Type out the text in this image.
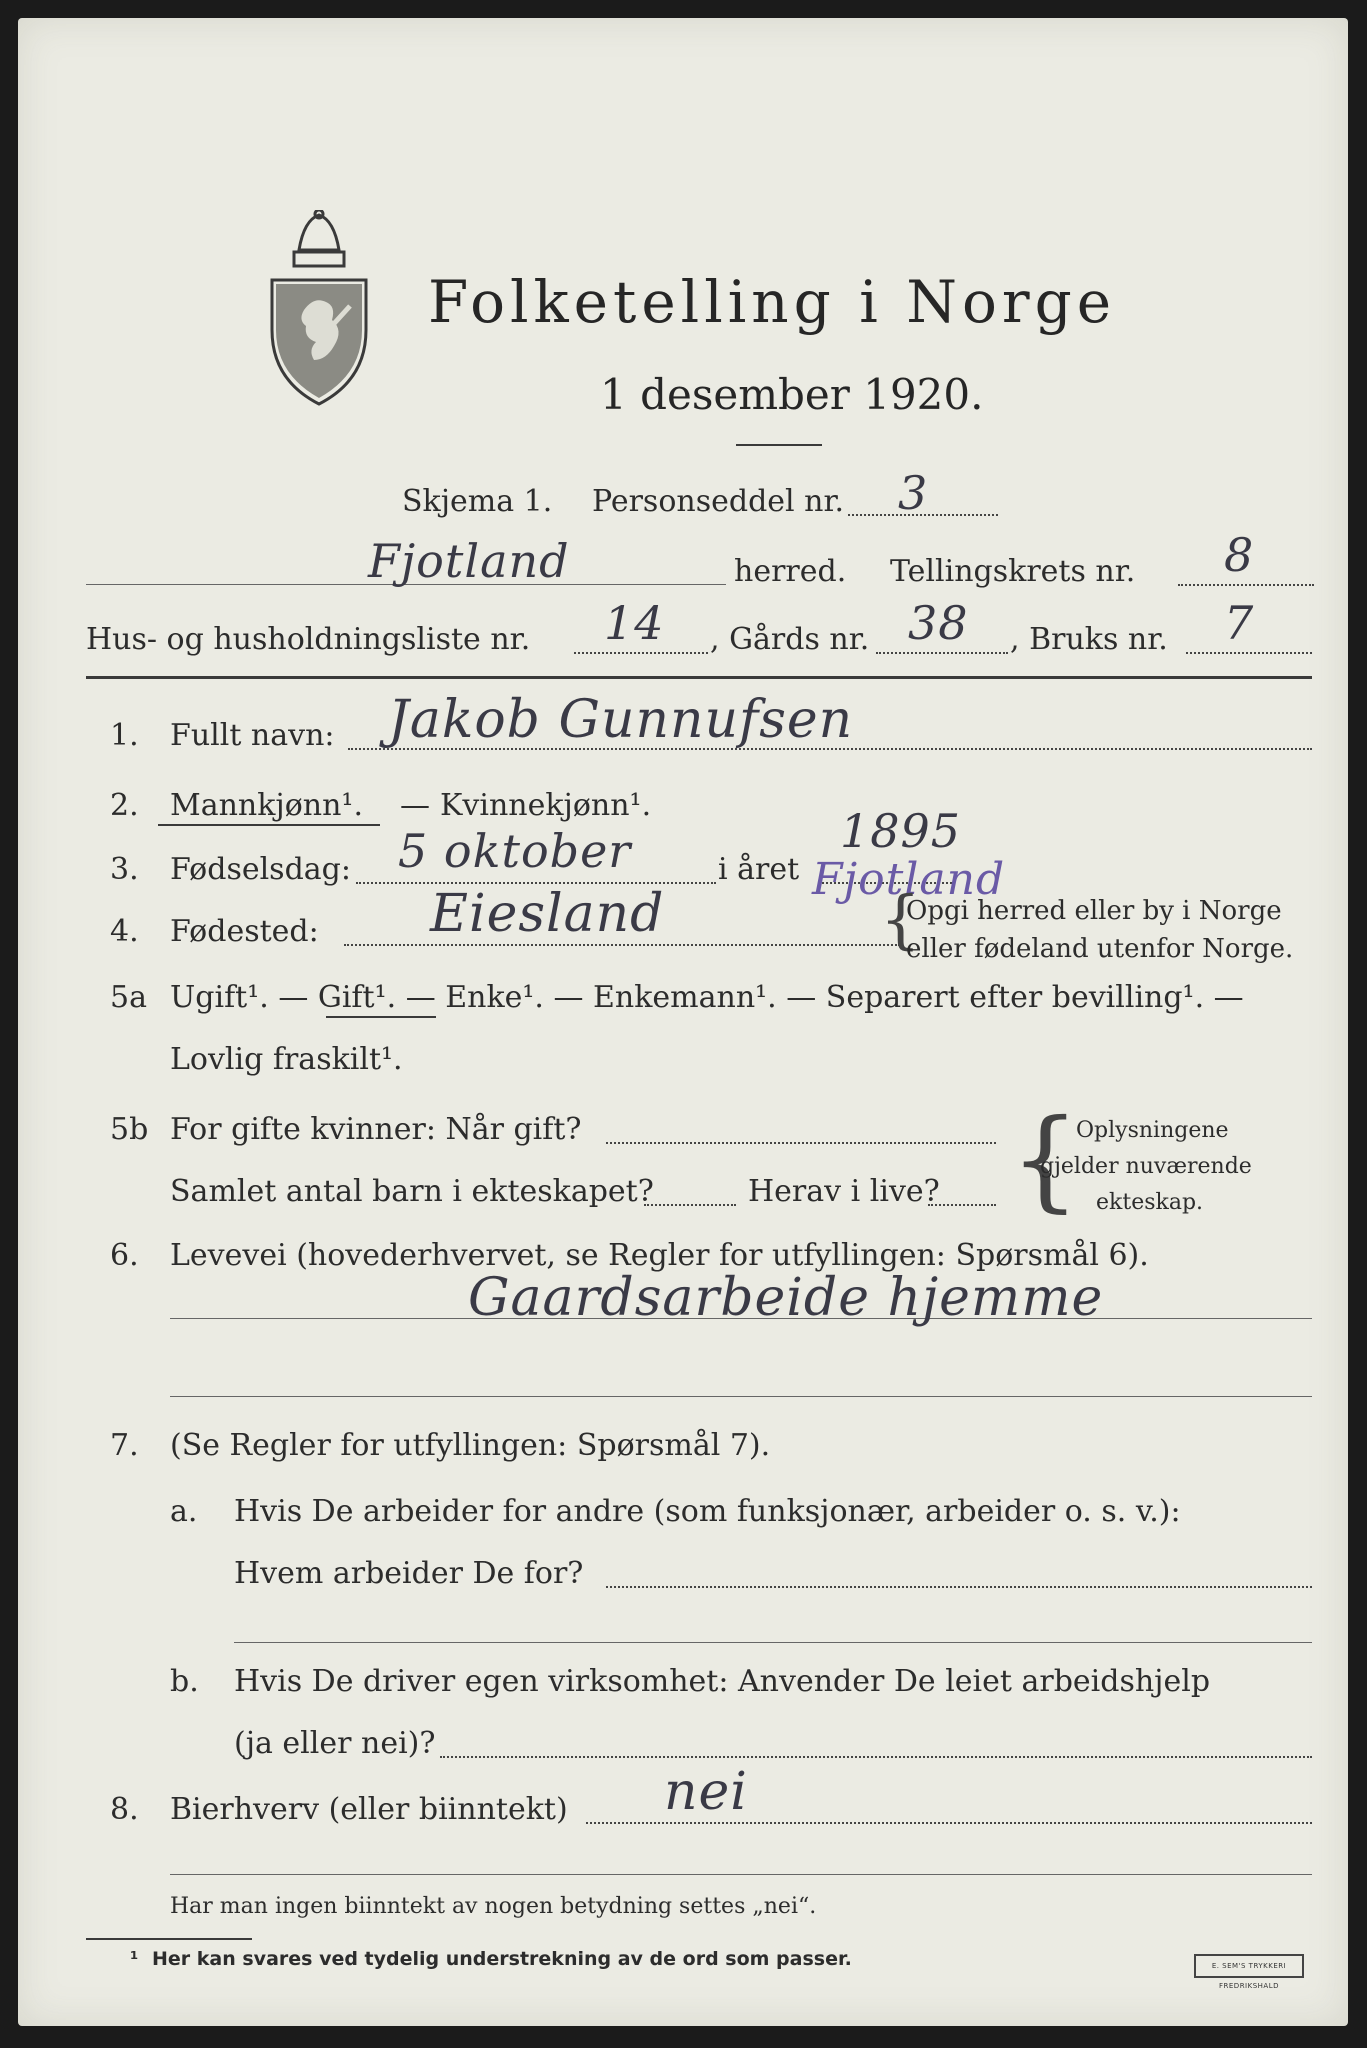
Folketelling i Norge
1 desember 1920.
Skjema 1. Personseddel nr. 3
Fjotland	herred. Tellingskrets nr. 8
Hus- og husholdningsliste nr. 14 , Gårds nr. 38 , Bruks nr. 7
1. Fullt navn: Jakob Gunnufsen
2. Mannkjønn¹. — Kvinnekjønn¹.
3. Fødselsdag: 5 oktober	i året
1895
4. Fødested: Eiesland
Fjotland
{
Opgi herred eller by i Norge
eller fødeland utenfor Norge.
5a Ugift¹. — Gift¹. — Enke¹. — Enkemann¹. — Separert efter bevilling¹. —
Lovlig fraskilt¹.
5b For gifte kvinner: Når gift?
Samlet antal barn i ekteskapet?	Herav i live? {
Oplysningene
gjelder nuværende
ekteskap.
6. Levevei (hovederhvervet, se Regler for utfyllingen: Spørsmål 6).
Gaardsarbeide hjemme
7. (Se Regler for utfyllingen: Spørsmål 7).
a. Hvis De arbeider for andre (som funksjonær, arbeider o. s. v.):
Hvem arbeider De for?
b. Hvis De driver egen virksomhet: Anvender De leiet arbeidshjelp
(ja eller nei)?
8. Bierhverv (eller biinntekt) nei
Har man ingen biinntekt av nogen betydning settes „nei“.
¹ Her kan svares ved tydelig understrekning av de ord som passer.	E. SEM'S TRYKKERI FREDRIKSHALD
